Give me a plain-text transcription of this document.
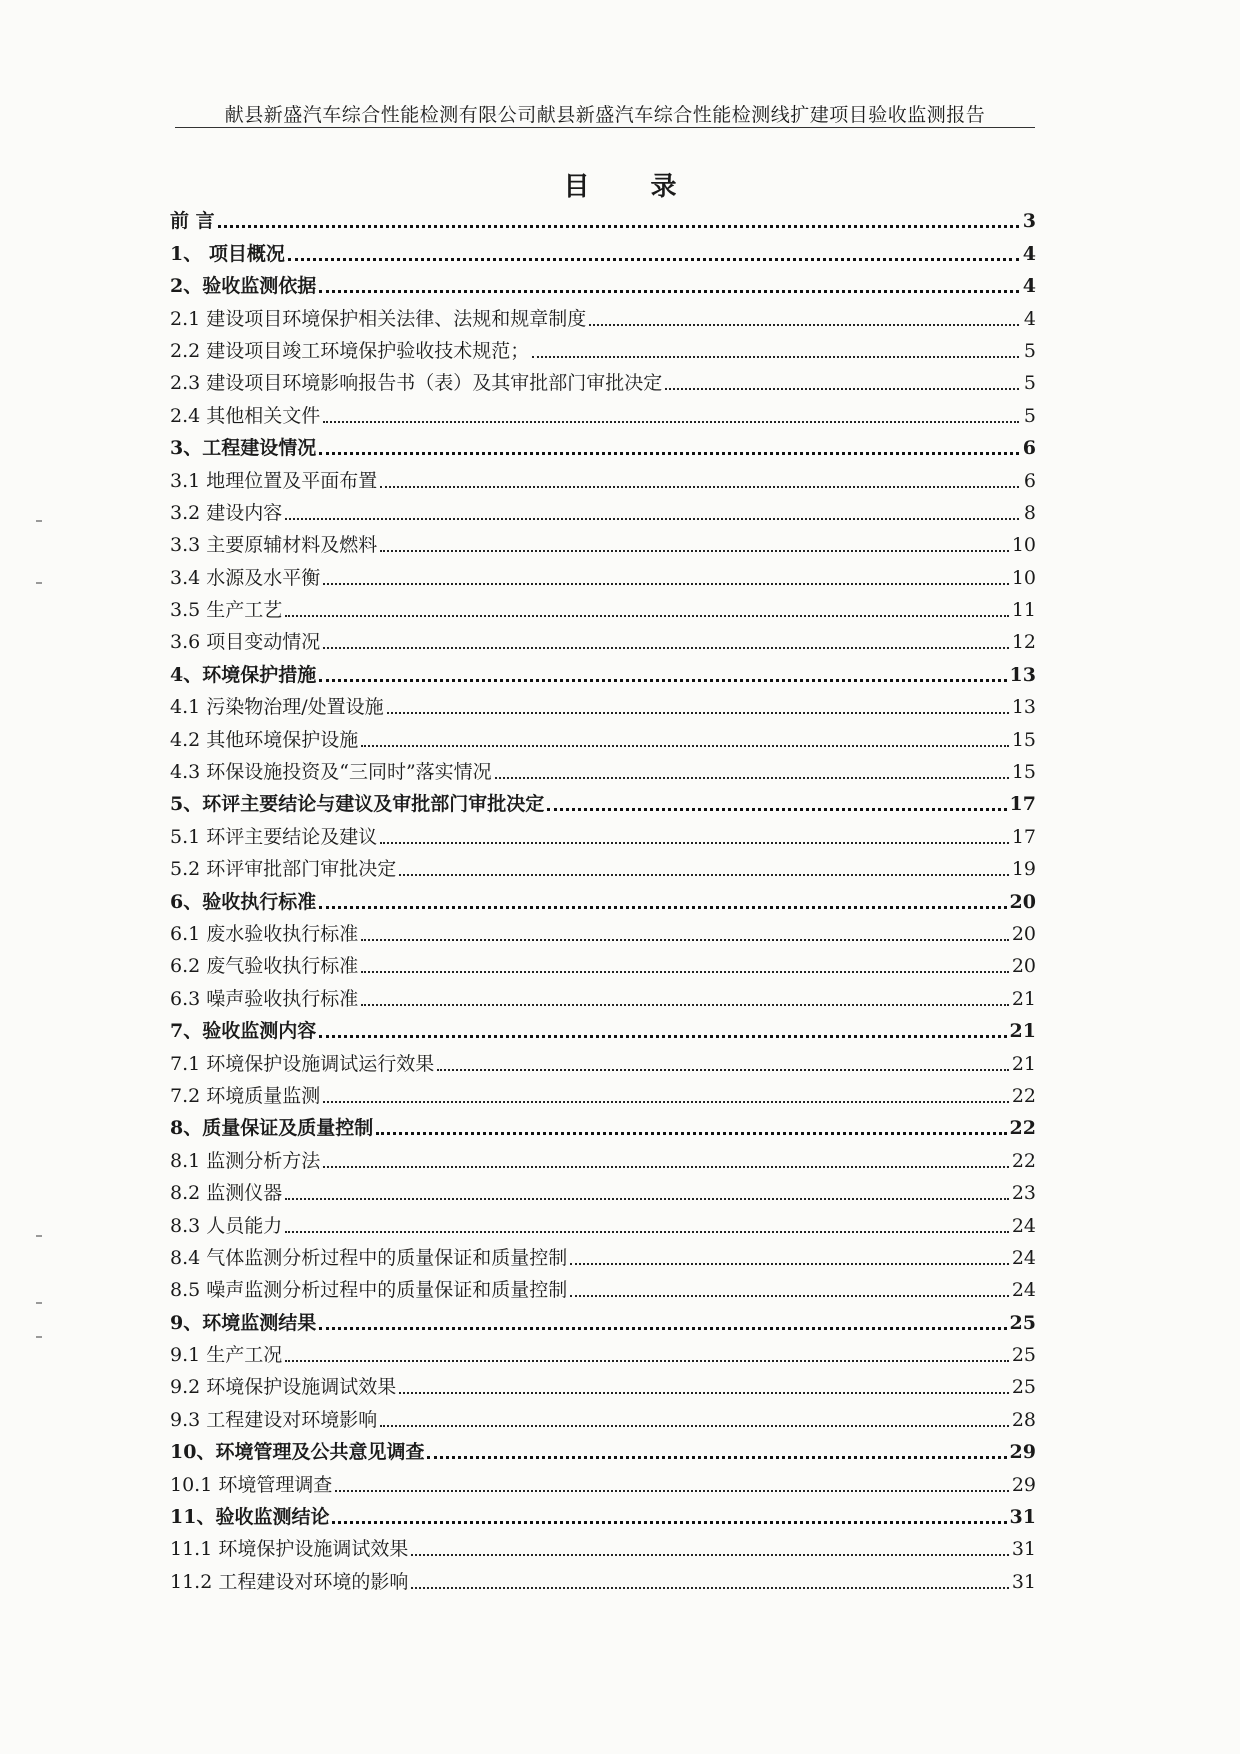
献县新盛汽车综合性能检测有限公司献县新盛汽车综合性能检测线扩建项目验收监测报告
目 录
前 言	3
1、 项目概况	4
2、验收监测依据	4
2.1 建设项目环境保护相关法律、法规和规章制度	4
2.2 建设项目竣工环境保护验收技术规范；	5
2.3 建设项目环境影响报告书（表）及其审批部门审批决定	5
2.4 其他相关文件	5
3、工程建设情况	6
3.1 地理位置及平面布置	6
3.2 建设内容	8
3.3 主要原辅材料及燃料	10
3.4 水源及水平衡	10
3.5 生产工艺	11
3.6 项目变动情况	12
4、环境保护措施	13
4.1 污染物治理/处置设施	13
4.2 其他环境保护设施	15
4.3 环保设施投资及“三同时”落实情况	15
5、环评主要结论与建议及审批部门审批决定	17
5.1 环评主要结论及建议	17
5.2 环评审批部门审批决定	19
6、验收执行标准	20
6.1 废水验收执行标准	20
6.2 废气验收执行标准	20
6.3 噪声验收执行标准	21
7、验收监测内容	21
7.1 环境保护设施调试运行效果	21
7.2 环境质量监测	22
8、质量保证及质量控制	22
8.1 监测分析方法	22
8.2 监测仪器	23
8.3 人员能力	24
8.4 气体监测分析过程中的质量保证和质量控制	24
8.5 噪声监测分析过程中的质量保证和质量控制	24
9、环境监测结果	25
9.1 生产工况	25
9.2 环境保护设施调试效果	25
9.3 工程建设对环境影响	28
10、环境管理及公共意见调查	29
10.1 环境管理调查	29
11、验收监测结论	31
11.1 环境保护设施调试效果	31
11.2 工程建设对环境的影响	31
